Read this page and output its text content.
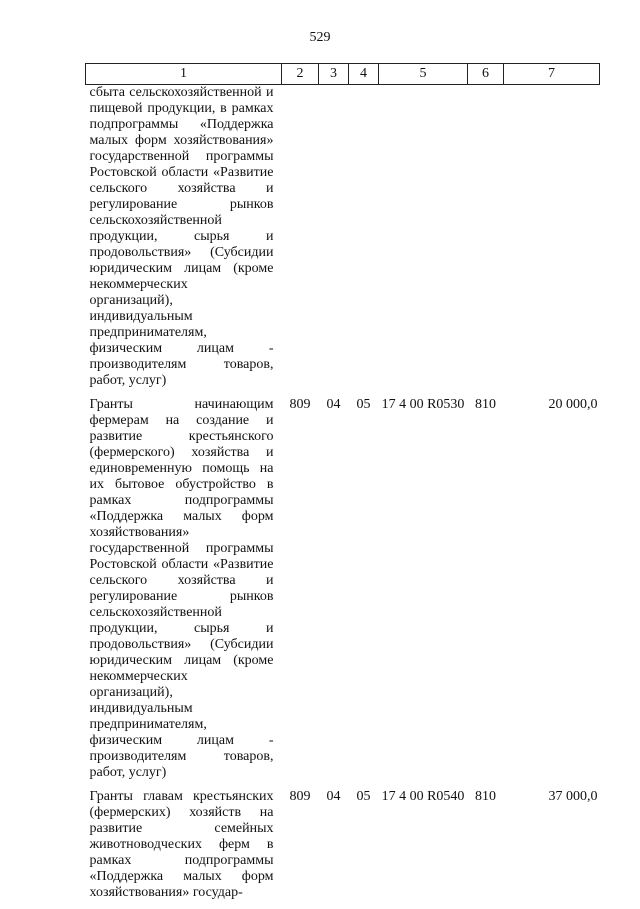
529
1	2	3	4	5	6	7

сбыта сельскохозяйственной и пищевой продукции, в рамках подпрограммы «Поддержка малых форм хозяйствования» государственной программы Ростовской области «Развитие сельского хозяйства и регулирование рынков сельскохозяйственной продукции, сырья и продовольствия» (Субсидии юридическим лицам (кроме некоммерческих организаций), индивидуальным предпринимателям, физическим лицам - производителям товаров, работ, услуг)						

Гранты начинающим фермерам на создание и развитие крестьянского (фермерского) хозяйства и единовременную помощь на их бытовое обустройство в рамках подпрограммы «Поддержка малых форм хозяйствования» государственной программы Ростовской области «Развитие сельского хозяйства и регулирование рынков сельскохозяйственной продукции, сырья и продовольствия» (Субсидии юридическим лицам (кроме некоммерческих организаций), индивидуальным предпринимателям, физическим лицам - производителям товаров, работ, услуг)	809	04	05	17 4 00 R0530	810	20 000,0

Гранты главам крестьянских (фермерских) хозяйств на развитие семейных животноводческих ферм в рамках подпрограммы «Поддержка малых форм хозяйствования» государ-	809	04	05	17 4 00 R0540	810	37 000,0
